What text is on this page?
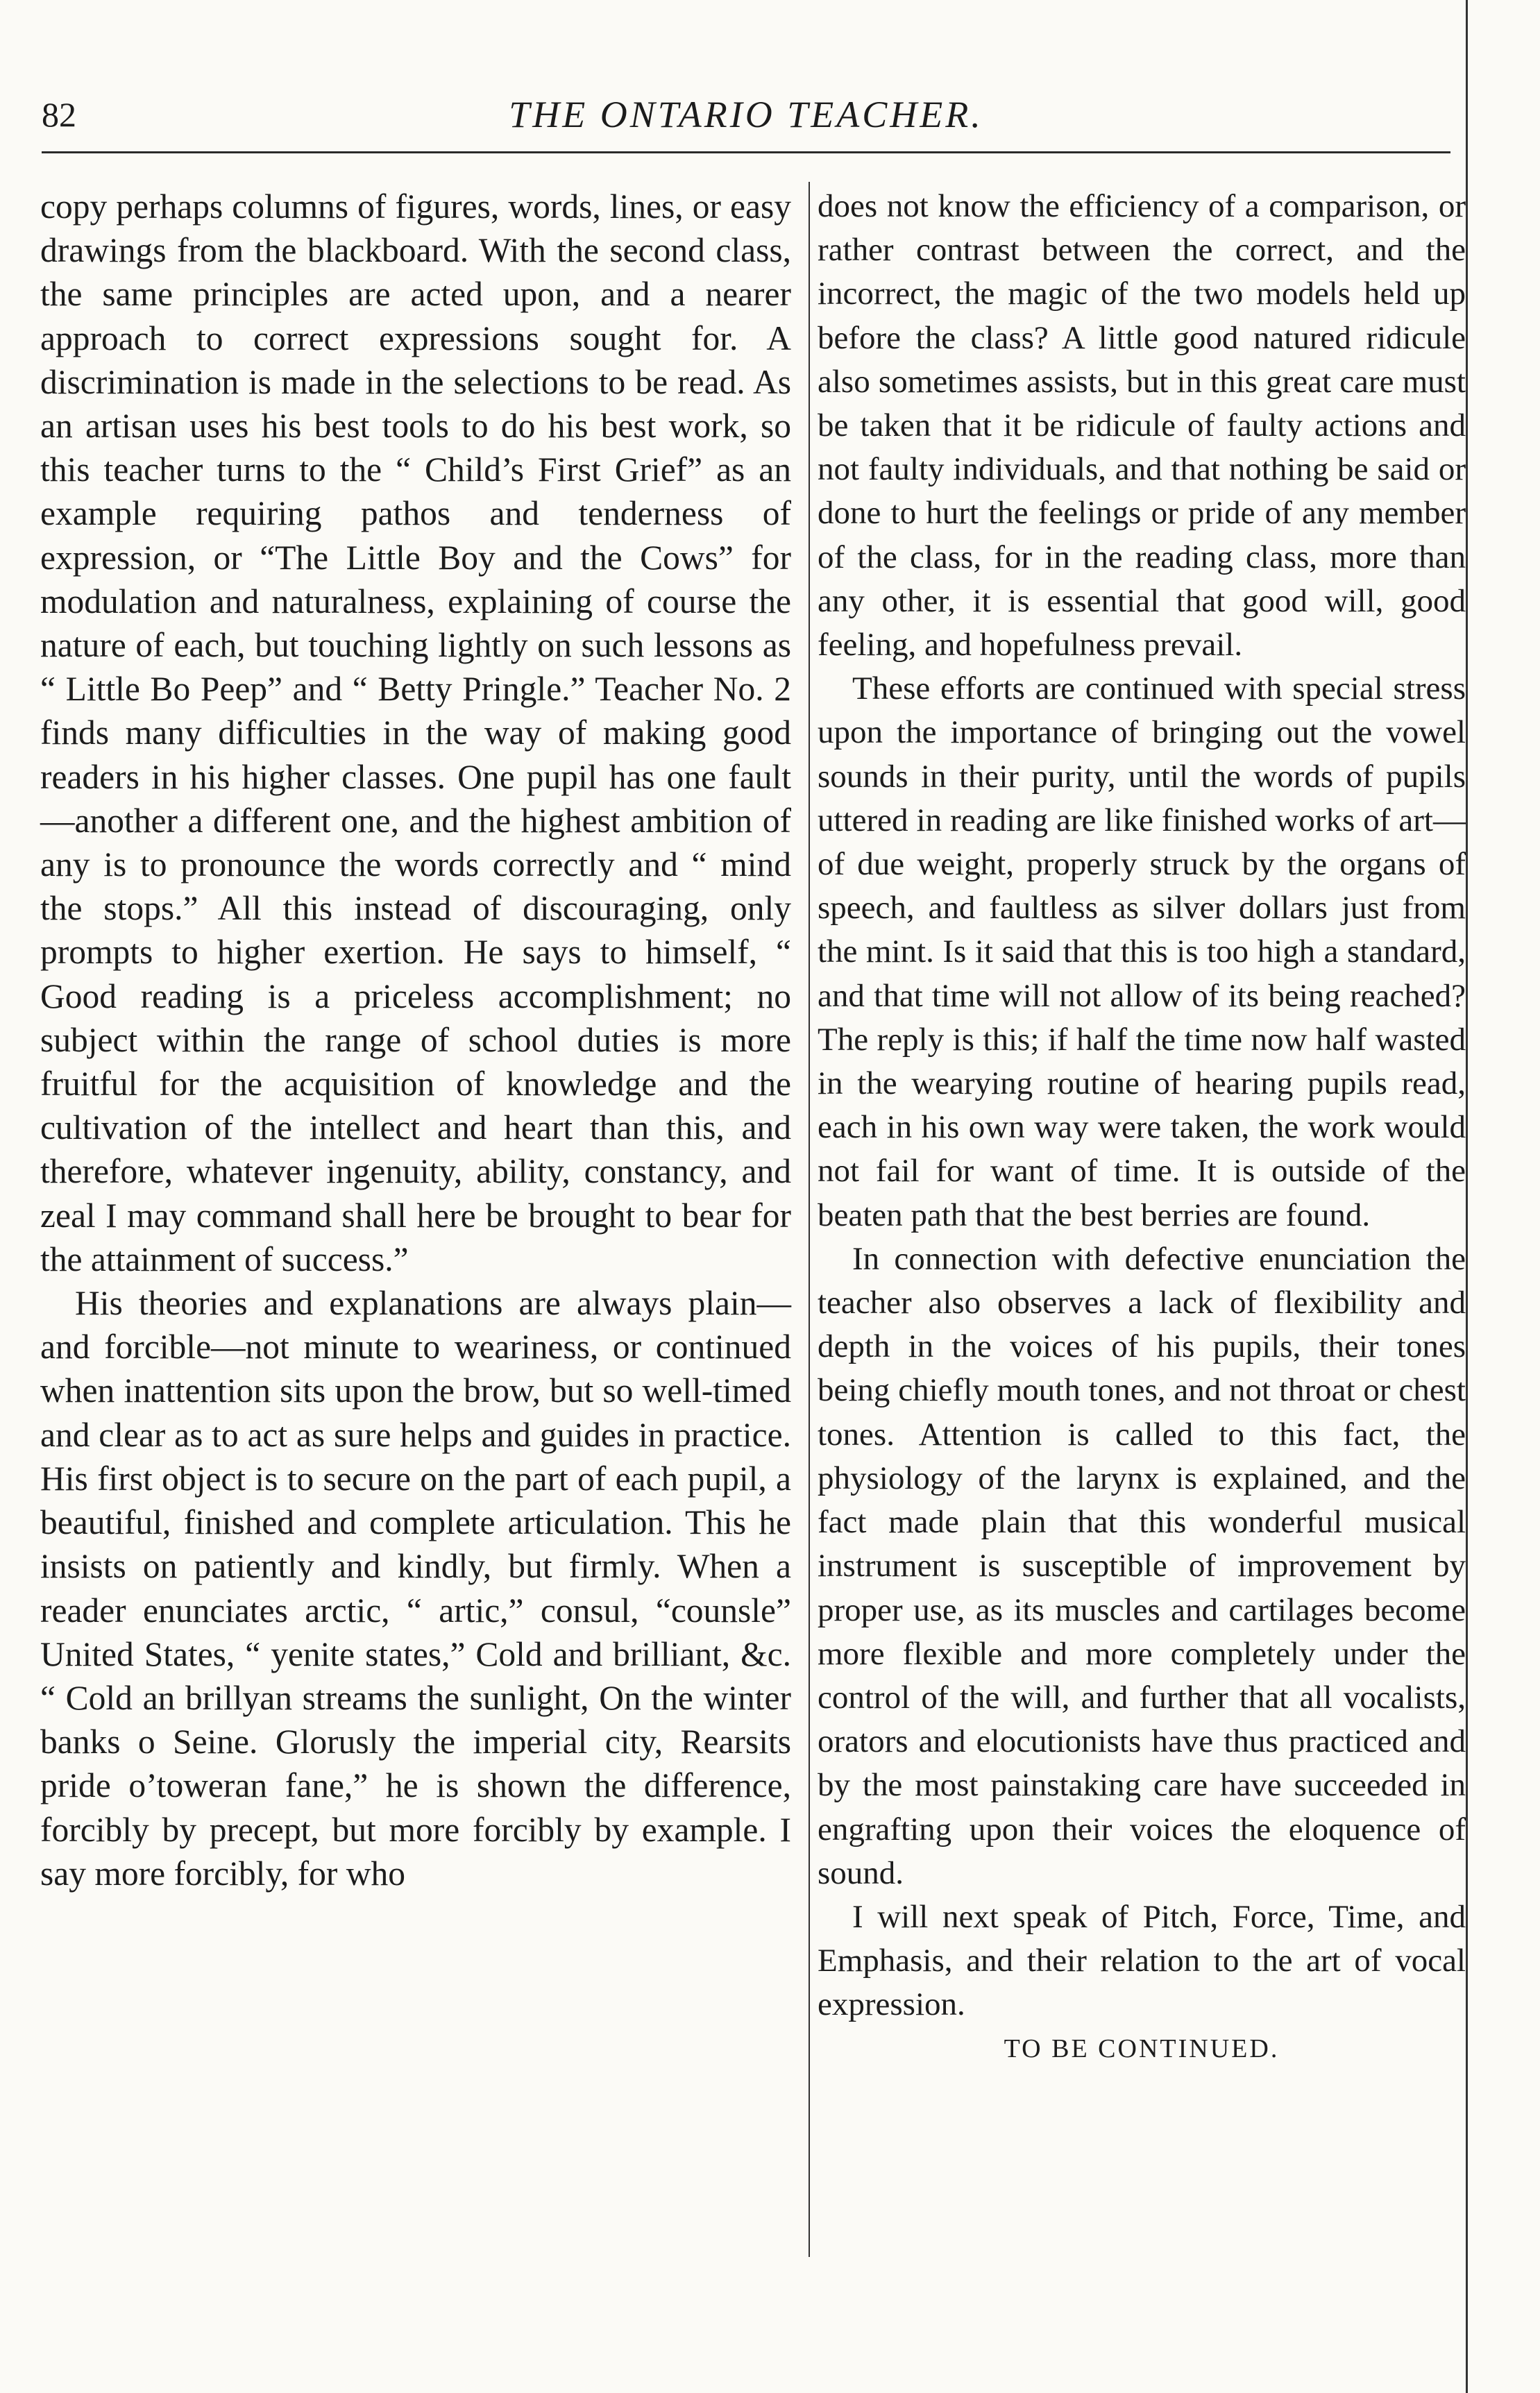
82	THE ONTARIO TEACHER.

copy perhaps columns of figures, words, lines, or easy drawings from the blackboard. With the second class, the same principles are acted upon, and a nearer approach to correct expressions sought for. A discrimination is made in the selections to be read. As an artisan uses his best tools to do his best work, so this teacher turns to the “ Child’s First Grief” as an example requiring pathos and tenderness of expression, or “The Little Boy and the Cows” for modulation and naturalness, explaining of course the nature of each, but touching lightly on such lessons as “ Little Bo Peep” and “ Betty Pringle.” Teacher No. 2 finds many difficulties in the way of making good readers in his higher classes. One pupil has one fault—another a different one, and the highest ambition of any is to pronounce the words correctly and “ mind the stops.” All this instead of discouraging, only prompts to higher exertion. He says to himself, “ Good reading is a priceless accomplishment; no subject within the range of school duties is more fruitful for the acquisition of knowledge and the cultivation of the intellect and heart than this, and therefore, whatever ingenuity, ability, constancy, and zeal I may command shall here be brought to bear for the attainment of success.”

His theories and explanations are always plain—and forcible—not minute to weariness, or continued when inattention sits upon the brow, but so well-timed and clear as to act as sure helps and guides in practice. His first object is to secure on the part of each pupil, a beautiful, finished and complete articulation. This he insists on patiently and kindly, but firmly. When a reader enunciates arctic, “ artic,” consul, “counsle” United States, “ yenite states,” Cold and brilliant, &c. “ Cold an brillyan streams the sunlight, On the winter banks o Seine. Glorusly the imperial city, Rearsits pride o’toweran fane,” he is shown the difference, forcibly by precept, but more forcibly by example. I say more forcibly, for who

does not know the efficiency of a comparison, or rather contrast between the correct, and the incorrect, the magic of the two models held up before the class? A little good natured ridicule also sometimes assists, but in this great care must be taken that it be ridicule of faulty actions and not faulty individuals, and that nothing be said or done to hurt the feelings or pride of any member of the class, for in the reading class, more than any other, it is essential that good will, good feeling, and hopefulness prevail.

These efforts are continued with special stress upon the importance of bringing out the vowel sounds in their purity, until the words of pupils uttered in reading are like finished works of art—of due weight, properly struck by the organs of speech, and faultless as silver dollars just from the mint. Is it said that this is too high a standard, and that time will not allow of its being reached? The reply is this; if half the time now half wasted in the wearying routine of hearing pupils read, each in his own way were taken, the work would not fail for want of time. It is outside of the beaten path that the best berries are found.

In connection with defective enunciation the teacher also observes a lack of flexibility and depth in the voices of his pupils, their tones being chiefly mouth tones, and not throat or chest tones. Attention is called to this fact, the physiology of the larynx is explained, and the fact made plain that this wonderful musical instrument is susceptible of improvement by proper use, as its muscles and cartilages become more flexible and more completely under the control of the will, and further that all vocalists, orators and elocutionists have thus practiced and by the most painstaking care have succeeded in engrafting upon their voices the eloquence of sound.

I will next speak of Pitch, Force, Time, and Emphasis, and their relation to the art of vocal expression.

TO BE CONTINUED.
